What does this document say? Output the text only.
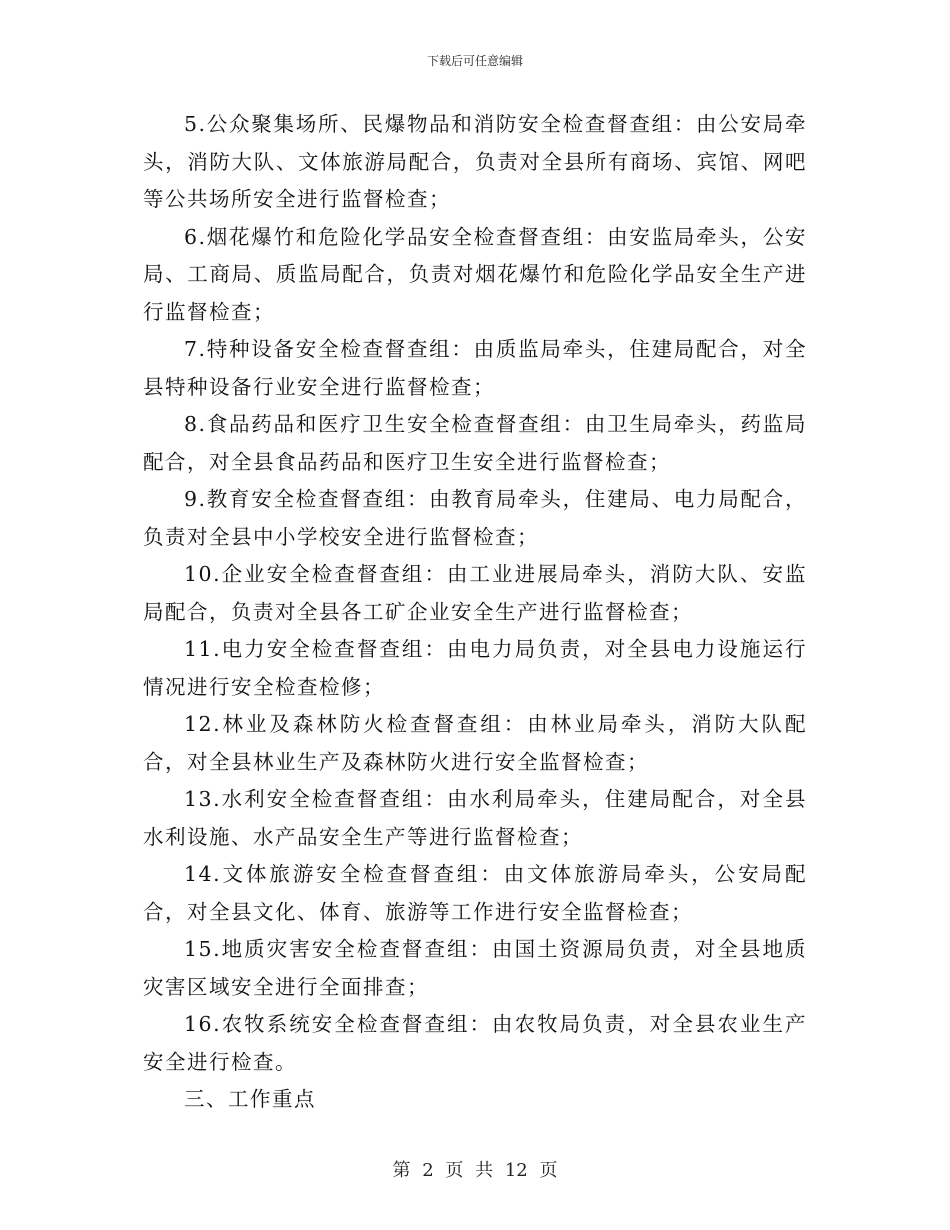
下载后可任意编辑

5.公众聚集场所、民爆物品和消防安全检查督查组：由公安局牵头，消防大队、文体旅游局配合，负责对全县所有商场、宾馆、网吧等公共场所安全进行监督检查；

6.烟花爆竹和危险化学品安全检查督查组：由安监局牵头，公安局、工商局、质监局配合，负责对烟花爆竹和危险化学品安全生产进行监督检查；

7.特种设备安全检查督查组：由质监局牵头，住建局配合，对全县特种设备行业安全进行监督检查；

8.食品药品和医疗卫生安全检查督查组：由卫生局牵头，药监局配合，对全县食品药品和医疗卫生安全进行监督检查；

9.教育安全检查督查组：由教育局牵头，住建局、电力局配合，负责对全县中小学校安全进行监督检查；

10.企业安全检查督查组：由工业进展局牵头，消防大队、安监局配合，负责对全县各工矿企业安全生产进行监督检查；

11.电力安全检查督查组：由电力局负责，对全县电力设施运行情况进行安全检查检修；

12.林业及森林防火检查督查组：由林业局牵头，消防大队配合，对全县林业生产及森林防火进行安全监督检查；

13.水利安全检查督查组：由水利局牵头，住建局配合，对全县水利设施、水产品安全生产等进行监督检查；

14.文体旅游安全检查督查组：由文体旅游局牵头，公安局配合，对全县文化、体育、旅游等工作进行安全监督检查；

15.地质灾害安全检查督查组：由国土资源局负责，对全县地质灾害区域安全进行全面排查；

16.农牧系统安全检查督查组：由农牧局负责，对全县农业生产安全进行检查。

三、工作重点

第 2 页 共 12 页
